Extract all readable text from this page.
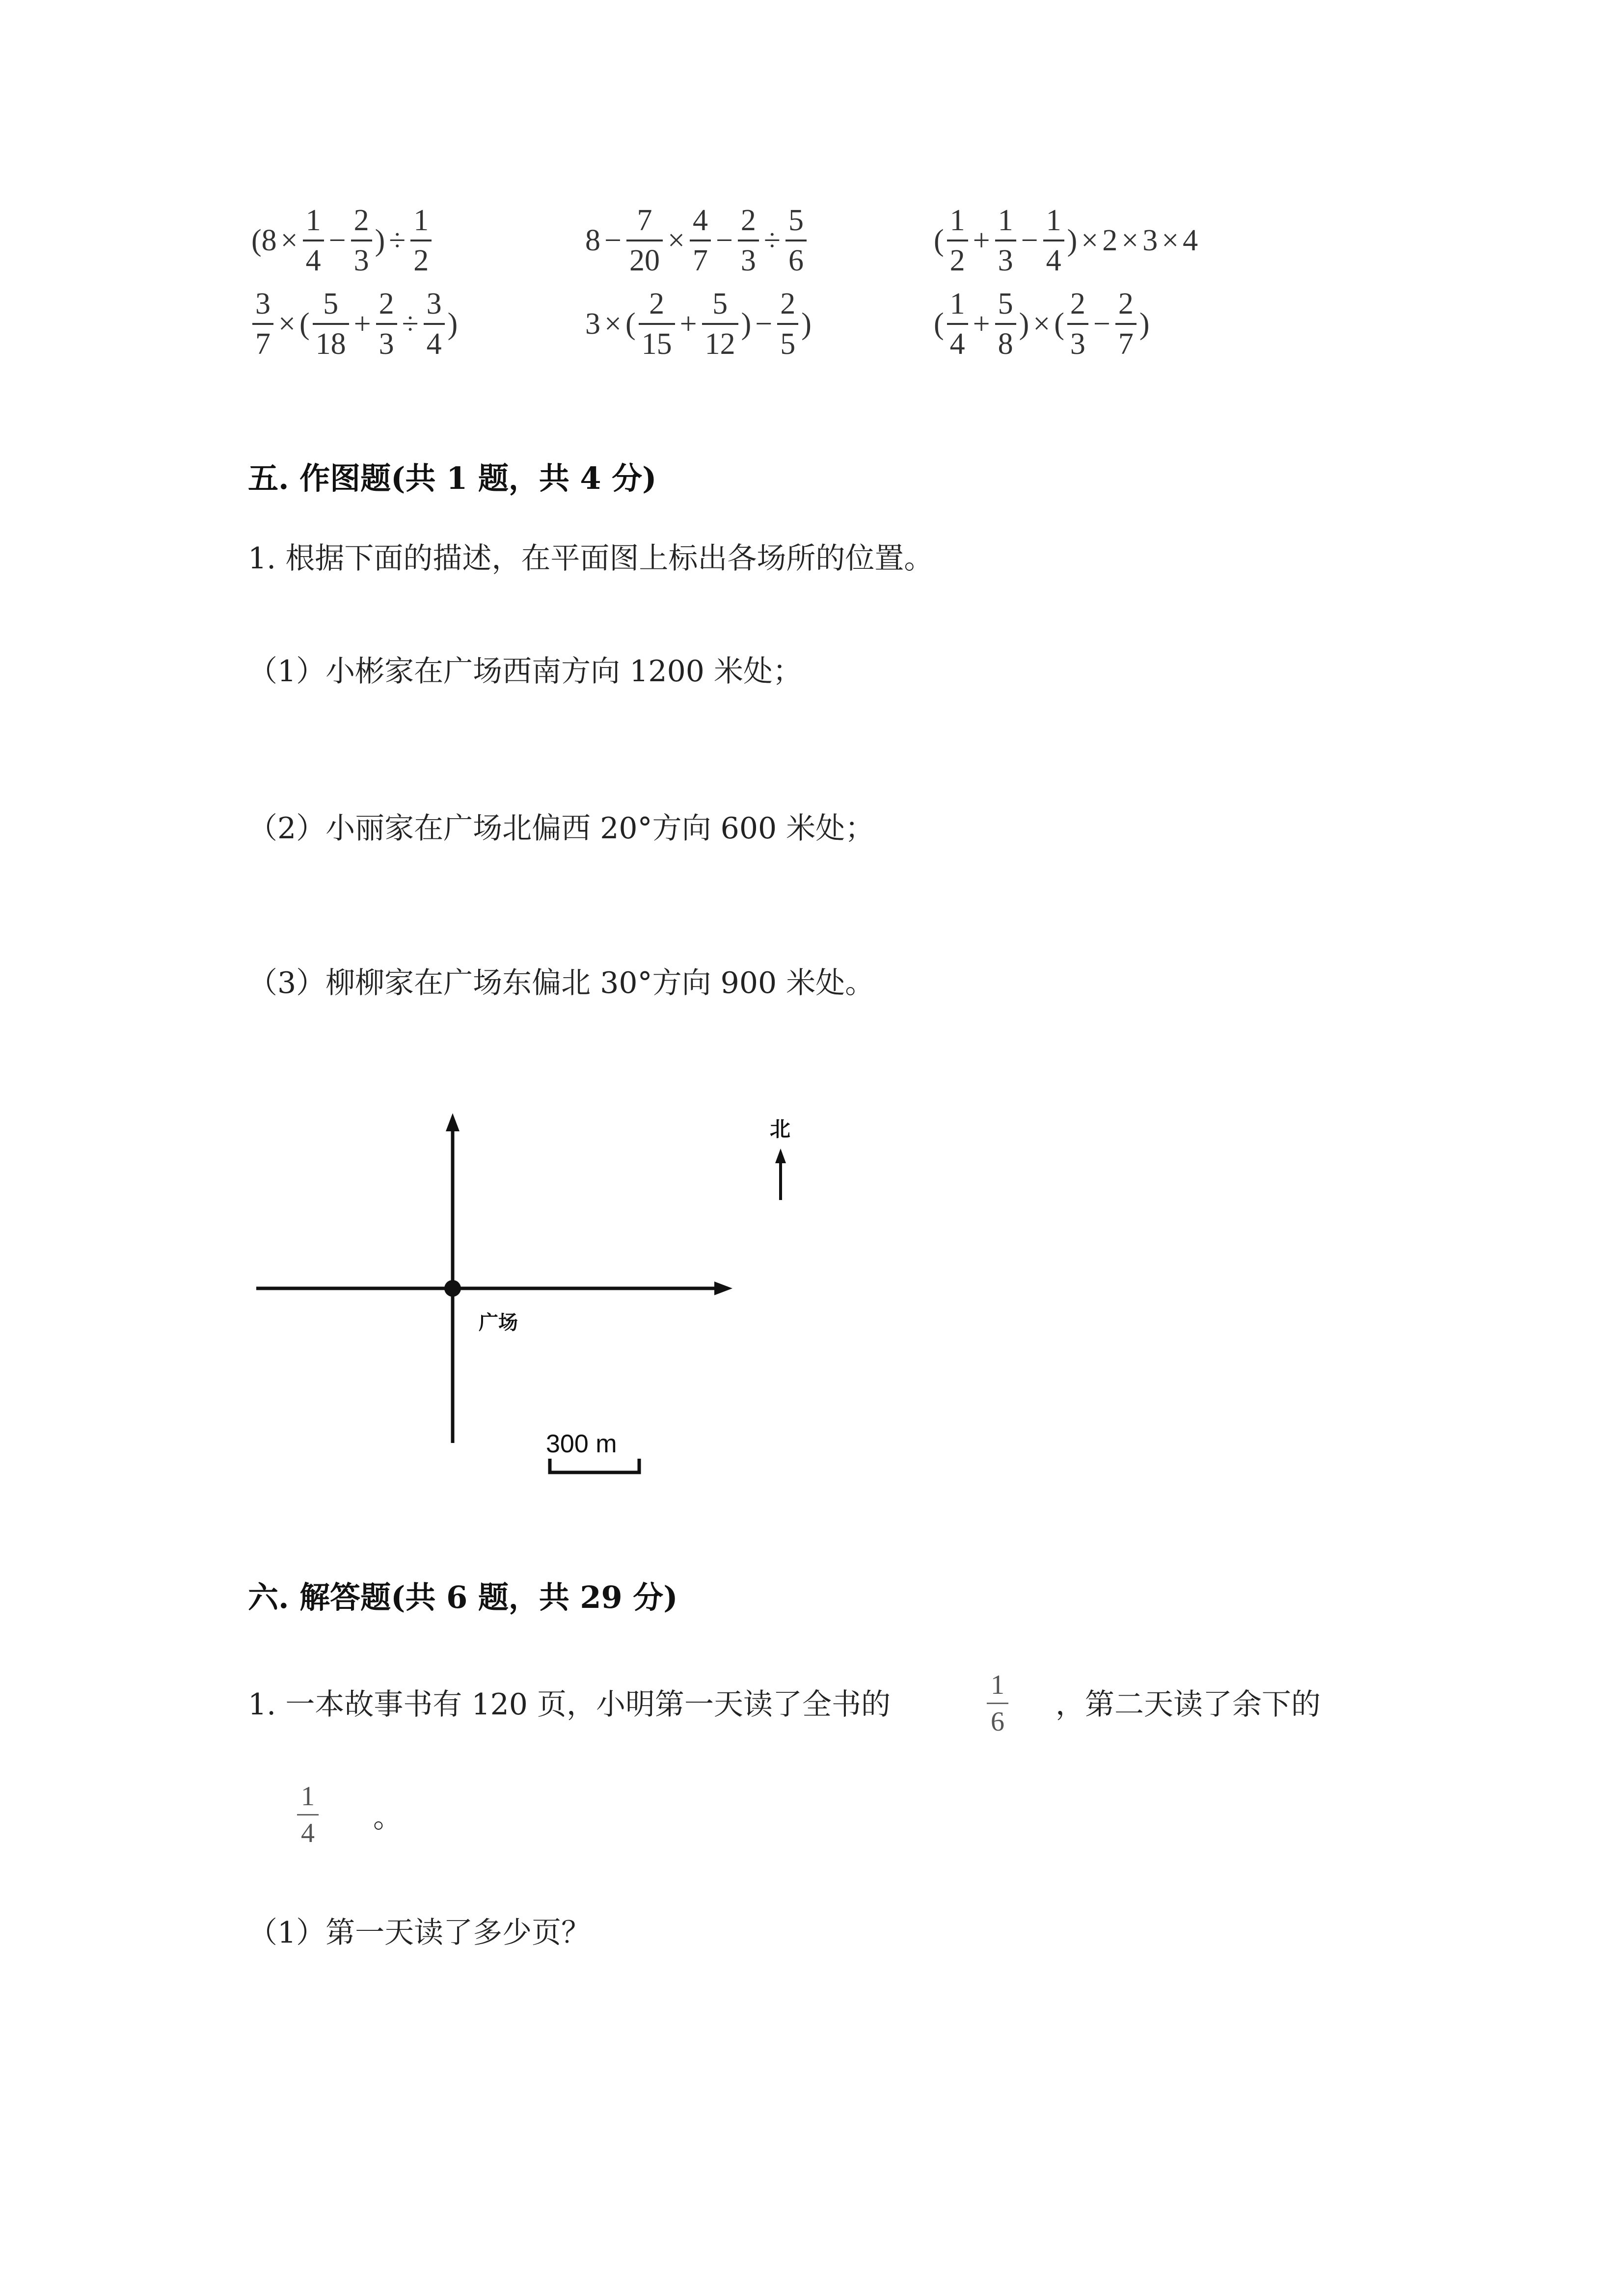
($8 \times \frac{1}{4} - \frac{2}{3}$ ) ÷ $\frac{1}{2}$	$8 - \frac{7}{20} \times \frac{4}{7} - \frac{2}{3} \div \frac{5}{6}$	( $\frac{1}{2} + \frac{1}{3} - \frac{1}{4}$ ) × 2 × 3 × 4
$\frac{3}{7}$ × ( $\frac{5}{18} + \frac{2}{3} \div \frac{3}{4}$ )	3 × ( $\frac{2}{15} + \frac{5}{12}$ ) − $\frac{2}{5}$ )	( $\frac{1}{4} + \frac{5}{8}$ ) × ( $\frac{2}{3} - \frac{2}{7}$ )
五. 作图题(共 1 题，共 4 分)
1. 根据下面的描述，在平面图上标出各场所的位置。
（1）小彬家在广场西南方向 1200 米处；
（2）小丽家在广场北偏西 20°方向 600 米处；
（3）柳柳家在广场东偏北 30°方向 900 米处。
北
广场
300 m
六. 解答题(共 6 题，共 29 分)
1. 一本故事书有 120 页，小明第一天读了全书的
1
6 ，第二天读了余下的
1
4 。
（1）第一天读了多少页？
